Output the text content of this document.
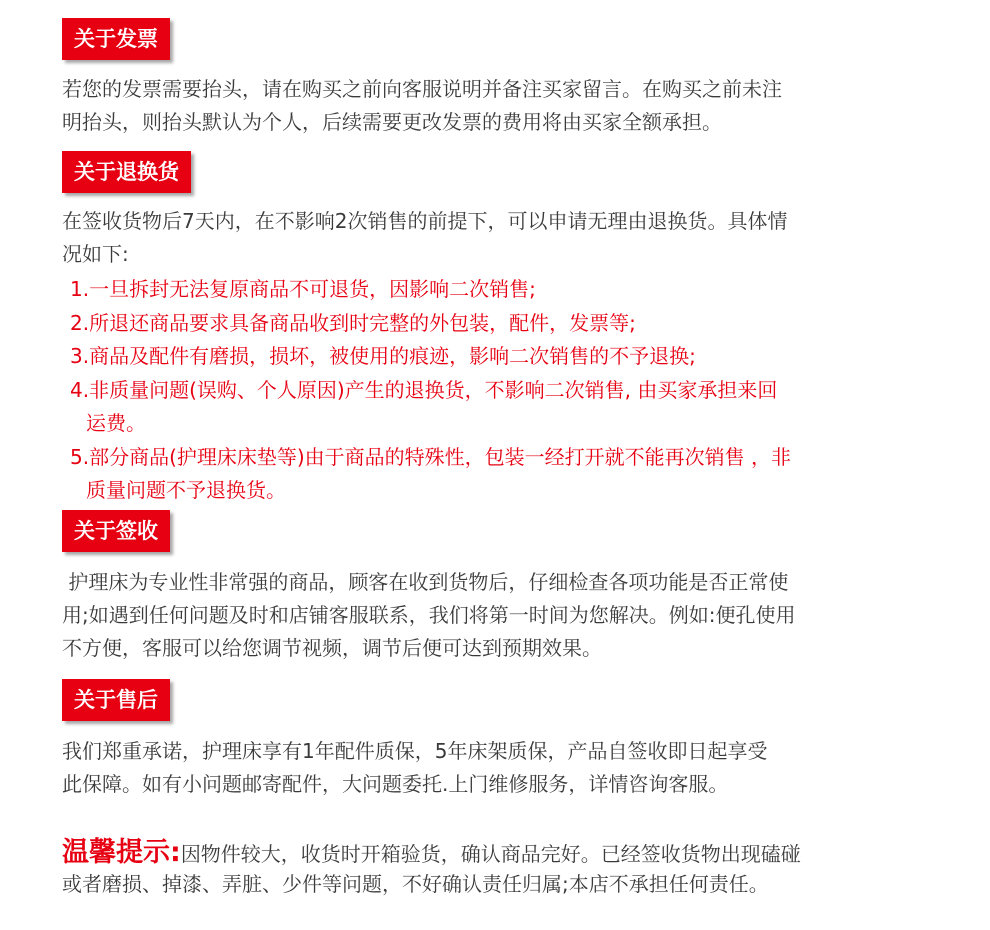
关于发票

若您的发票需要抬头，请在购买之前向客服说明并备注买家留言。在购买之前未注

明抬头，则抬头默认为个人，后续需要更改发票的费用将由买家全额承担。

关于退换货

在签收货物后7天内，在不影响2次销售的前提下，可以申请无理由退换货。具体情

况如下:

1.一旦拆封无法复原商品不可退货，因影响二次销售;

2.所退还商品要求具备商品收到时完整的外包装，配件，发票等;

3.商品及配件有磨损，损坏，被使用的痕迹，影响二次销售的不予退换;

4.非质量问题(误购、个人原因)产生的退换货，不影响二次销售, 由买家承担来回

运费。

5.部分商品(护理床床垫等)由于商品的特殊性，包装一经打开就不能再次销售 ，非

质量问题不予退换货。

关于签收

护理床为专业性非常强的商品，顾客在收到货物后，仔细检查各项功能是否正常使

用;如遇到任何问题及时和店铺客服联系，我们将第一时间为您解决。例如:便孔使用

不方便，客服可以给您调节视频，调节后便可达到预期效果。

关于售后

我们郑重承诺，护理床享有1年配件质保，5年床架质保，产品自签收即日起享受

此保障。如有小问题邮寄配件，大问题委托.上门维修服务，详情咨询客服。

温馨提示:因物件较大，收货时开箱验货，确认商品完好。已经签收货物出现磕碰

或者磨损、掉漆、弄脏、少件等问题，不好确认责任归属;本店不承担任何责任。
